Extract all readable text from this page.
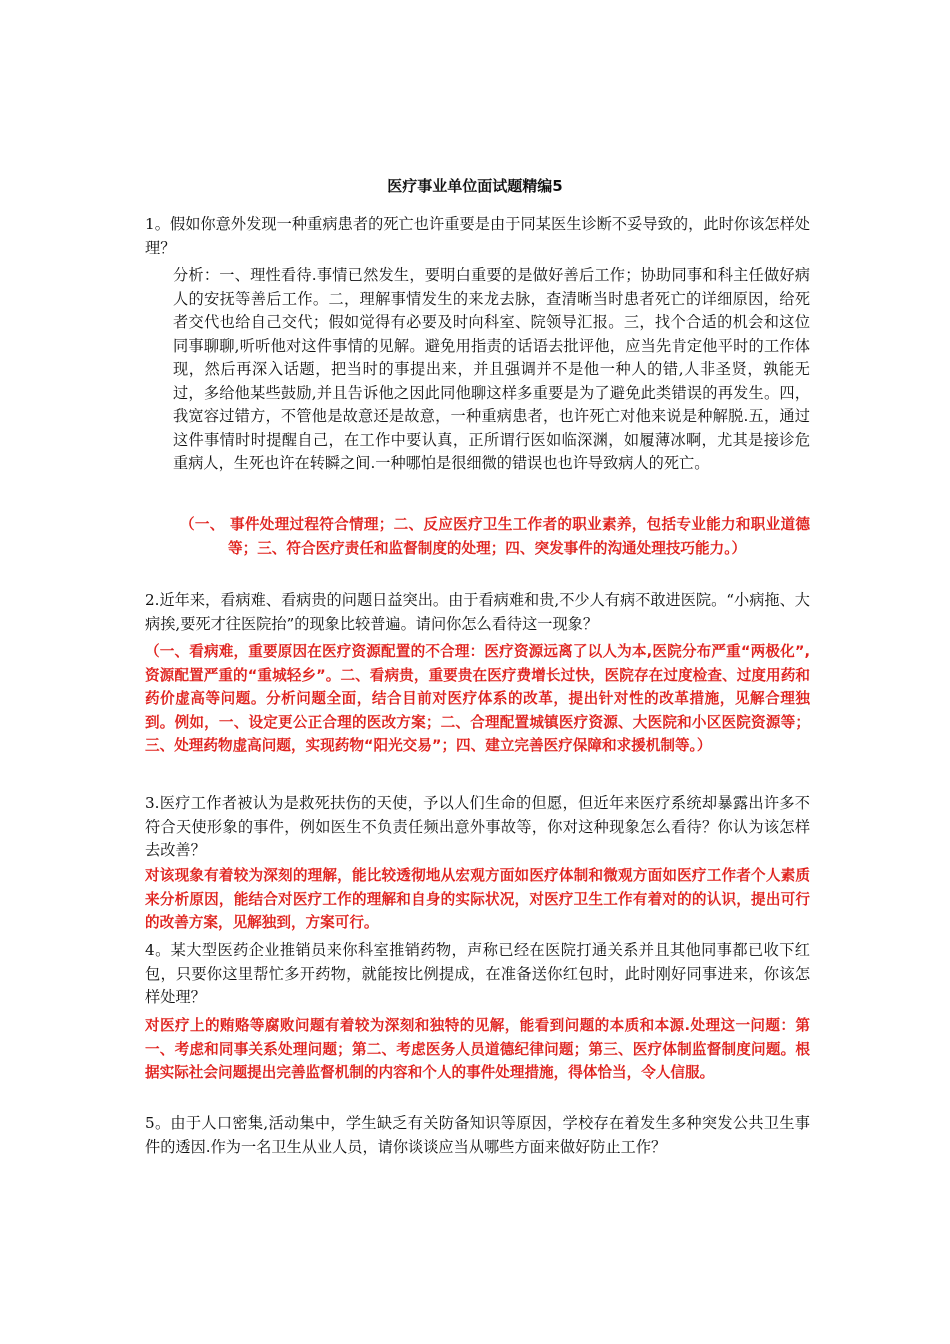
医疗事业单位面试题精编5
1。假如你意外发现一种重病患者的死亡也许重要是由于同某医生诊断不妥导致的，此时你该怎样处理？
分析：一、理性看待.事情已然发生，要明白重要的是做好善后工作；协助同事和科主任做好病人的安抚等善后工作。二，理解事情发生的来龙去脉，查清晰当时患者死亡的详细原因，给死者交代也给自己交代；假如觉得有必要及时向科室、院领导汇报。三，找个合适的机会和这位同事聊聊,听听他对这件事情的见解。避免用指责的话语去批评他，应当先肯定他平时的工作体现，然后再深入话题，把当时的事提出来，并且强调并不是他一种人的错,人非圣贤，孰能无过，多给他某些鼓励,并且告诉他之因此同他聊这样多重要是为了避免此类错误的再发生。四，我宽容过错方，不管他是故意还是故意，一种重病患者，也许死亡对他来说是种解脱.五，通过这件事情时时提醒自己，在工作中要认真，正所谓行医如临深渊，如履薄冰啊，尤其是接诊危重病人，生死也许在转瞬之间.一种哪怕是很细微的错误也也许导致病人的死亡。
（一、 事件处理过程符合情理；二、反应医疗卫生工作者的职业素养，包括专业能力和职业道德等；三、符合医疗责任和监督制度的处理；四、突发事件的沟通处理技巧能力。）
2.近年来，看病难、看病贵的问题日益突出。由于看病难和贵,不少人有病不敢进医院。“小病拖、大病挨,要死才往医院抬”的现象比较普遍。请问你怎么看待这一现象？
（一、看病难，重要原因在医疗资源配置的不合理：医疗资源远离了以人为本,医院分布严重“两极化”,资源配置严重的“重城轻乡”。二、看病贵，重要贵在医疗费增长过快，医院存在过度检查、过度用药和药价虚高等问题。分析问题全面，结合目前对医疗体系的改革，提出针对性的改革措施，见解合理独到。例如，一、设定更公正合理的医改方案；二、合理配置城镇医疗资源、大医院和小区医院资源等；三、处理药物虚高问题，实现药物“阳光交易”；四、建立完善医疗保障和求援机制等。）
3.医疗工作者被认为是救死扶伤的天使，予以人们生命的但愿，但近年来医疗系统却暴露出许多不符合天使形象的事件，例如医生不负责任频出意外事故等，你对这种现象怎么看待？你认为该怎样去改善？
对该现象有着较为深刻的理解，能比较透彻地从宏观方面如医疗体制和微观方面如医疗工作者个人素质来分析原因，能结合对医疗工作的理解和自身的实际状况，对医疗卫生工作有着对的的认识，提出可行的改善方案，见解独到，方案可行。
4。某大型医药企业推销员来你科室推销药物，声称已经在医院打通关系并且其他同事都已收下红包，只要你这里帮忙多开药物，就能按比例提成，在准备送你红包时，此时刚好同事进来，你该怎样处理？
对医疗上的贿赂等腐败问题有着较为深刻和独特的见解，能看到问题的本质和本源.处理这一问题：第一、考虑和同事关系处理问题；第二、考虑医务人员道德纪律问题；第三、医疗体制监督制度问题。根据实际社会问题提出完善监督机制的内容和个人的事件处理措施，得体恰当，令人信服。
5。由于人口密集,活动集中，学生缺乏有关防备知识等原因，学校存在着发生多种突发公共卫生事件的透因.作为一名卫生从业人员，请你谈谈应当从哪些方面来做好防止工作？
